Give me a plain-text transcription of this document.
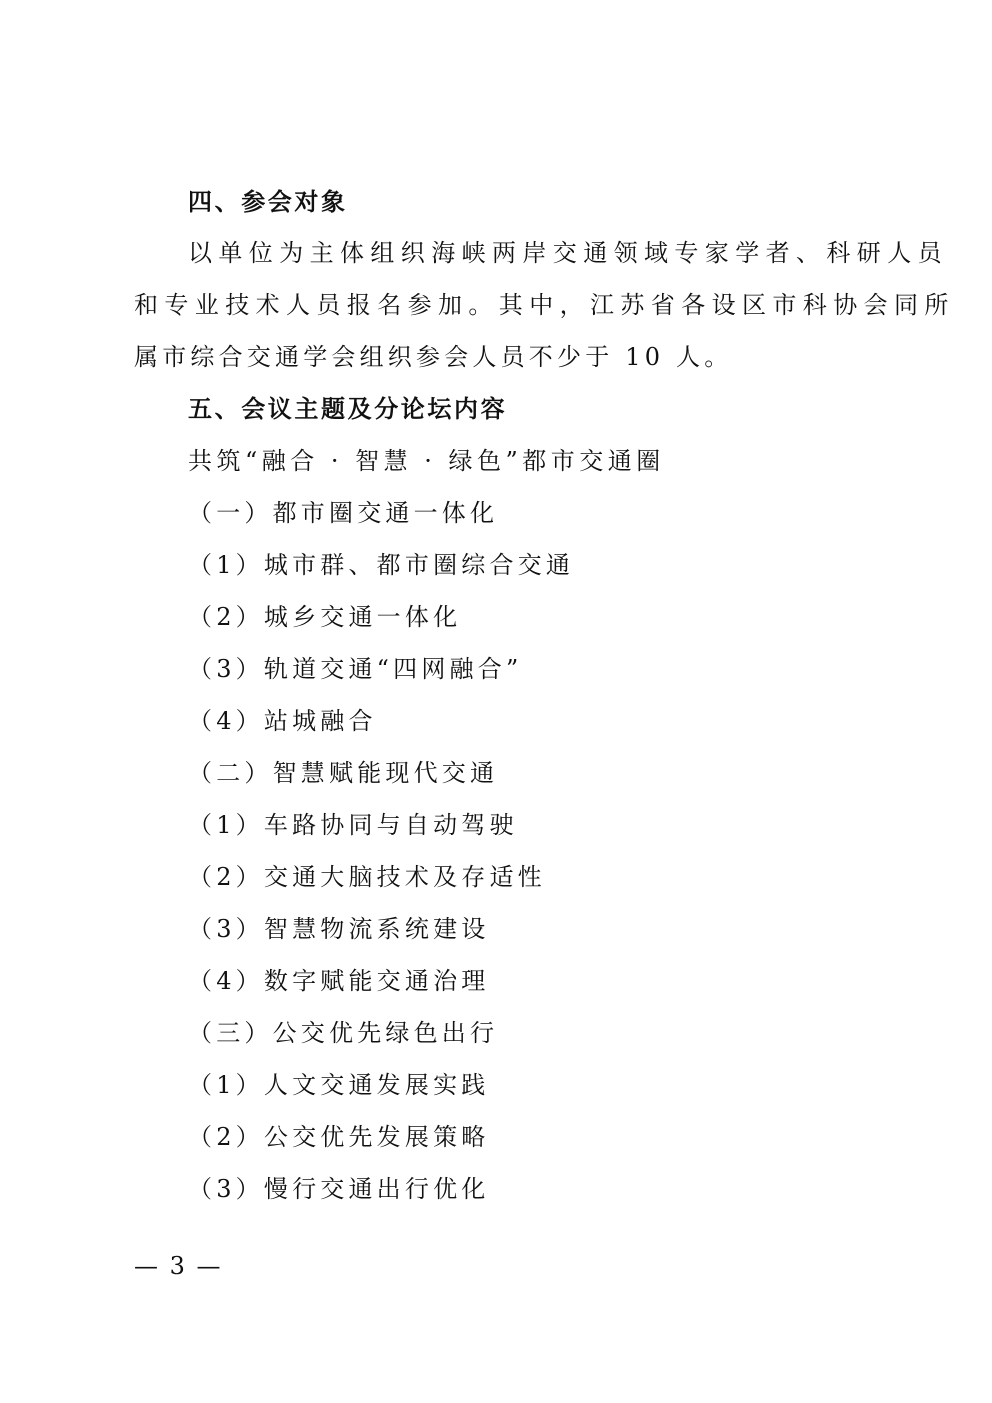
四、参会对象
以单位为主体组织海峡两岸交通领域专家学者、科研人员
和专业技术人员报名参加。其中，江苏省各设区市科协会同所
属市综合交通学会组织参会人员不少于 10 人。
五、会议主题及分论坛内容
共筑“融合 · 智慧 · 绿色”都市交通圈
（一）都市圈交通一体化
（1）城市群、都市圈综合交通
（2）城乡交通一体化
（3）轨道交通“四网融合”
（4）站城融合
（二）智慧赋能现代交通
（1）车路协同与自动驾驶
（2）交通大脑技术及存适性
（3）智慧物流系统建设
（4）数字赋能交通治理
（三）公交优先绿色出行
（1）人文交通发展实践
（2）公交优先发展策略
（3）慢行交通出行优化
— 3 —
